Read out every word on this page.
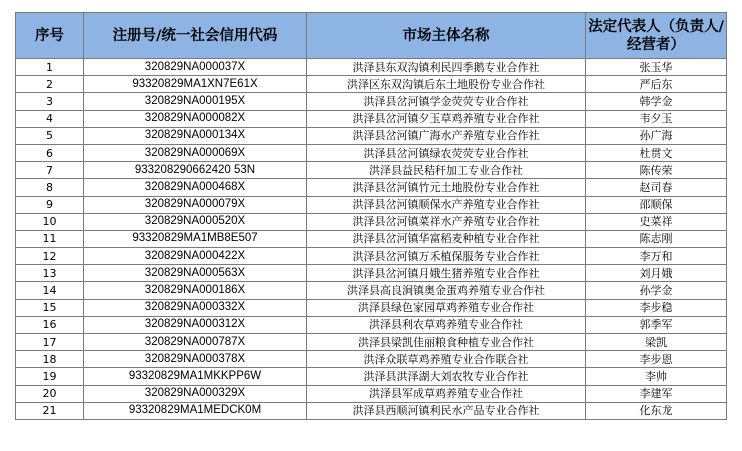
序号	注册号/统一社会信用代码	市场主体名称	法定代表人（负责人/经营者）
1	320829NA000037X	洪泽县东双沟镇利民四季鹅专业合作社	张玉华
2	93320829MA1XN7E61X	洪泽区东双沟镇后东土地股份专业合作社	严后东
3	320829NA000195X	洪泽县岔河镇学金荧荧专业合作社	韩学金
4	320829NA000082X	洪泽县岔河镇夕玉草鸡养殖专业合作社	韦夕玉
5	320829NA000134X	洪泽县岔河镇广海水产养殖专业合作社	孙广海
6	320829NA000069X	洪泽县岔河镇绿农荧荧专业合作社	杜贯文
7	933208290662420 53N	洪泽县益民秸秆加工专业合作社	陈传荣
8	320829NA000468X	洪泽县岔河镇竹元土地股份专业合作社	赵司春
9	320829NA000079X	洪泽县岔河镇顺保水产养殖专业合作社	邵顺保
10	320829NA000520X	洪泽县岔河镇菜祥水产养殖专业合作社	史菜祥
11	93320829MA1MB8E507	洪泽县岔河镇华富稻麦种植专业合作社	陈志刚
12	320829NA000422X	洪泽县岔河镇万禾植保服务专业合作社	李万和
13	320829NA000563X	洪泽县岔河镇月娥生猪养殖专业合作社	刘月娥
14	320829NA000186X	洪泽县高良涧镇奥金蛋鸡养殖专业合作社	孙学金
15	320829NA000332X	洪泽县绿色家园草鸡养殖专业合作社	李步稳
16	320829NA000312X	洪泽县利农草鸡养殖专业合作社	郭季军
17	320829NA000787X	洪泽县梁凯佳丽粮食种植专业合作社	梁凯
18	320829NA000378X	洪泽众联草鸡养殖专业合作联合社	李步恩
19	93320829MA1MKKPP6W	洪泽县洪泽湖大刘农牧专业合作社	李帅
20	320829NA000329X	洪泽县军成草鸡养殖专业合作社	李建军
21	93320829MA1MEDCK0M	洪泽县西顺河镇利民水产品专业合作社	化东龙
